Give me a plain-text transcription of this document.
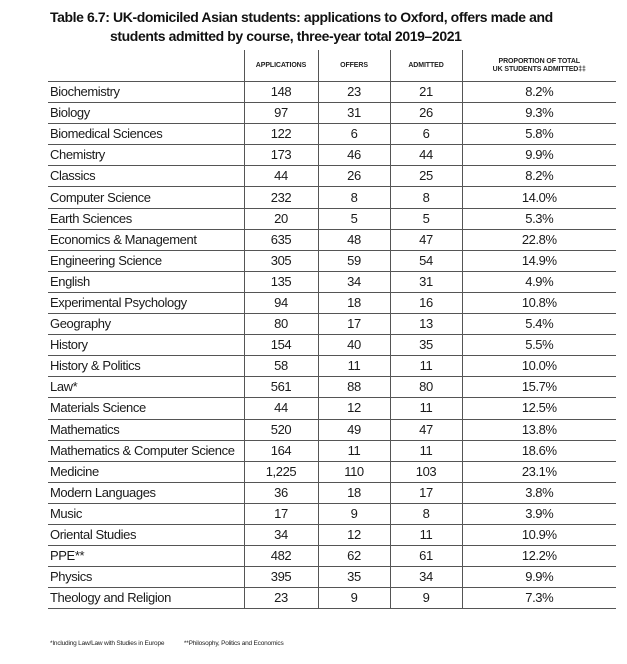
Table 6.7: UK-domiciled Asian students: applications to Oxford, offers made and
students admitted by course, three-year total 2019–2021
	APPLICATIONS	OFFERS	ADMITTED	PROPORTION OF TOTAL
UK STUDENTS ADMITTED‡‡
Biochemistry	148	23	21	8.2%
Biology	97	31	26	9.3%
Biomedical Sciences	122	6	6	5.8%
Chemistry	173	46	44	9.9%
Classics	44	26	25	8.2%
Computer Science	232	8	8	14.0%
Earth Sciences	20	5	5	5.3%
Economics & Management	635	48	47	22.8%
Engineering Science	305	59	54	14.9%
English	135	34	31	4.9%
Experimental Psychology	94	18	16	10.8%
Geography	80	17	13	5.4%
History	154	40	35	5.5%
History & Politics	58	11	11	10.0%
Law*	561	88	80	15.7%
Materials Science	44	12	11	12.5%
Mathematics	520	49	47	13.8%
Mathematics & Computer Science	164	11	11	18.6%
Medicine	1,225	110	103	23.1%
Modern Languages	36	18	17	3.8%
Music	17	9	8	3.9%
Oriental Studies	34	12	11	10.9%
PPE**	482	62	61	12.2%
Physics	395	35	34	9.9%
Theology and Religion	23	9	9	7.3%
*Including Law/Law with Studies in Europe	**Philosophy, Politics and Economics
